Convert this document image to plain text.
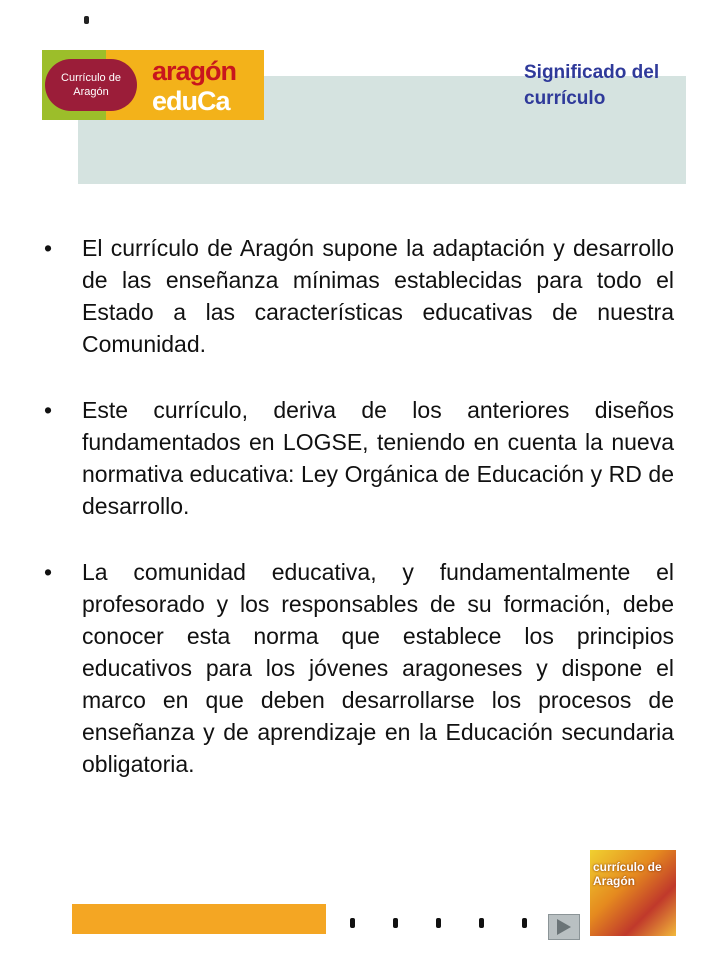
Currículo de Aragón
aragón
eduCa
Significado del currículo
•	El currículo de Aragón supone la adaptación y desarrollo de las enseñanza mínimas establecidas para todo el Estado a las características educativas de nuestra Comunidad.
•	Este currículo, deriva de los anteriores diseños fundamentados en LOGSE, teniendo en cuenta la nueva normativa educativa: Ley Orgánica de Educación y RD de desarrollo.
•	La comunidad educativa, y fundamentalmente el profesorado y los responsables de su formación, debe conocer esta norma que establece los principios educativos para los jóvenes aragoneses y dispone el marco en que deben desarrollarse los procesos de enseñanza y de aprendizaje en la Educación secundaria obligatoria.
currículo de Aragón
